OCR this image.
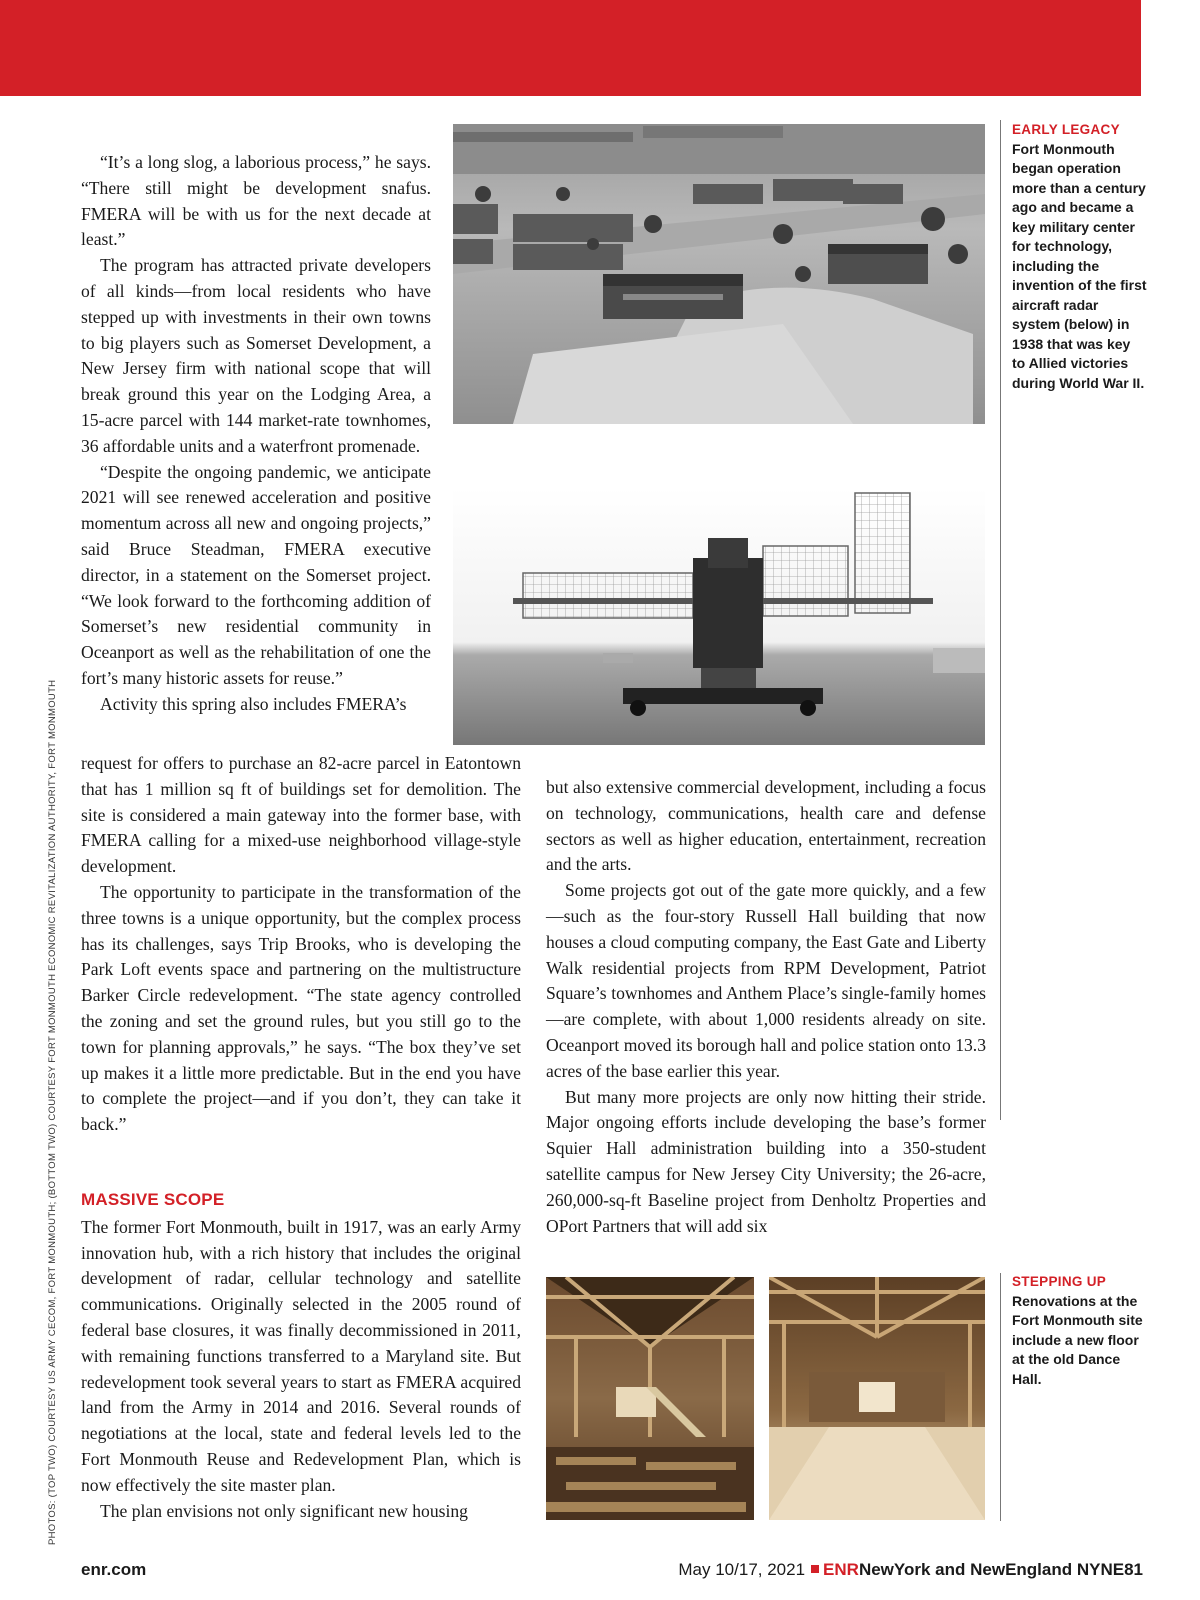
PHOTOS: (TOP TWO) COURTESY US ARMY CECOM, FORT MONMOUTH; (BOTTOM TWO) COURTESY FORT MONMOUTH ECONOMIC REVITALIZATION AUTHORITY, FORT MONMOUTH

“It’s a long slog, a laborious process,” he says. “There still might be development snafus. FMERA will be with us for the next decade at least.”

The program has attracted private developers of all kinds—from local residents who have stepped up with investments in their own towns to big players such as Somerset Development, a New Jersey firm with national scope that will break ground this year on the Lodging Area, a 15-acre parcel with 144 market-rate townhomes, 36 affordable units and a waterfront promenade.

“Despite the ongoing pandemic, we anticipate 2021 will see renewed acceleration and positive momentum across all new and ongoing projects,” said Bruce Steadman, FMERA executive director, in a statement on the Somerset project. “We look forward to the forthcoming addition of Somerset’s new residential community in Oceanport as well as the rehabilitation of one the fort’s many historic assets for reuse.”

Activity this spring also includes FMERA’s

request for offers to purchase an 82-acre parcel in Eatontown that has 1 million sq ft of buildings set for demolition. The site is considered a main gateway into the former base, with FMERA calling for a mixed-use neighborhood village-style development.

The opportunity to participate in the transformation of the three towns is a unique opportunity, but the complex process has its challenges, says Trip Brooks, who is developing the Park Loft events space and partnering on the multistructure Barker Circle redevelopment. “The state agency controlled the zoning and set the ground rules, but you still go to the town for planning approvals,” he says. “The box they’ve set up makes it a little more predictable. But in the end you have to complete the project—and if you don’t, they can take it back.”

MASSIVE SCOPE

The former Fort Monmouth, built in 1917, was an early Army innovation hub, with a rich history that includes the original development of radar, cellular technology and satellite communications. Originally selected in the 2005 round of federal base closures, it was finally decommissioned in 2011, with remaining functions transferred to a Maryland site. But redevelopment took several years to start as FMERA acquired land from the Army in 2014 and 2016. Several rounds of negotiations at the local, state and federal levels led to the Fort Monmouth Reuse and Redevelopment Plan, which is now effectively the site master plan.

The plan envisions not only significant new housing

but also extensive commercial development, including a focus on technology, communications, health care and defense sectors as well as higher education, entertainment, recreation and the arts.

Some projects got out of the gate more quickly, and a few—such as the four-story Russell Hall building that now houses a cloud computing company, the East Gate and Liberty Walk residential projects from RPM Development, Patriot Square’s townhomes and Anthem Place’s single-family homes—are complete, with about 1,000 residents already on site. Oceanport moved its borough hall and police station onto 13.3 acres of the base earlier this year.

But many more projects are only now hitting their stride. Major ongoing efforts include developing the base’s former Squier Hall administration building into a 350-student satellite campus for New Jersey City University; the 26-acre, 260,000-sq-ft Baseline project from Denholtz Properties and OPort Partners that will add six

EARLY LEGACY
Fort Monmouth began operation more than a century ago and became a key military center for technology, including the invention of the first aircraft radar system (below) in 1938 that was key to Allied victories during World War II.
STEPPING UP
Renovations at the Fort Monmouth site include a new floor at the old Dance Hall.
enr.com	May 10/17, 2021 ENRNewYork and NewEngland NYNE81
